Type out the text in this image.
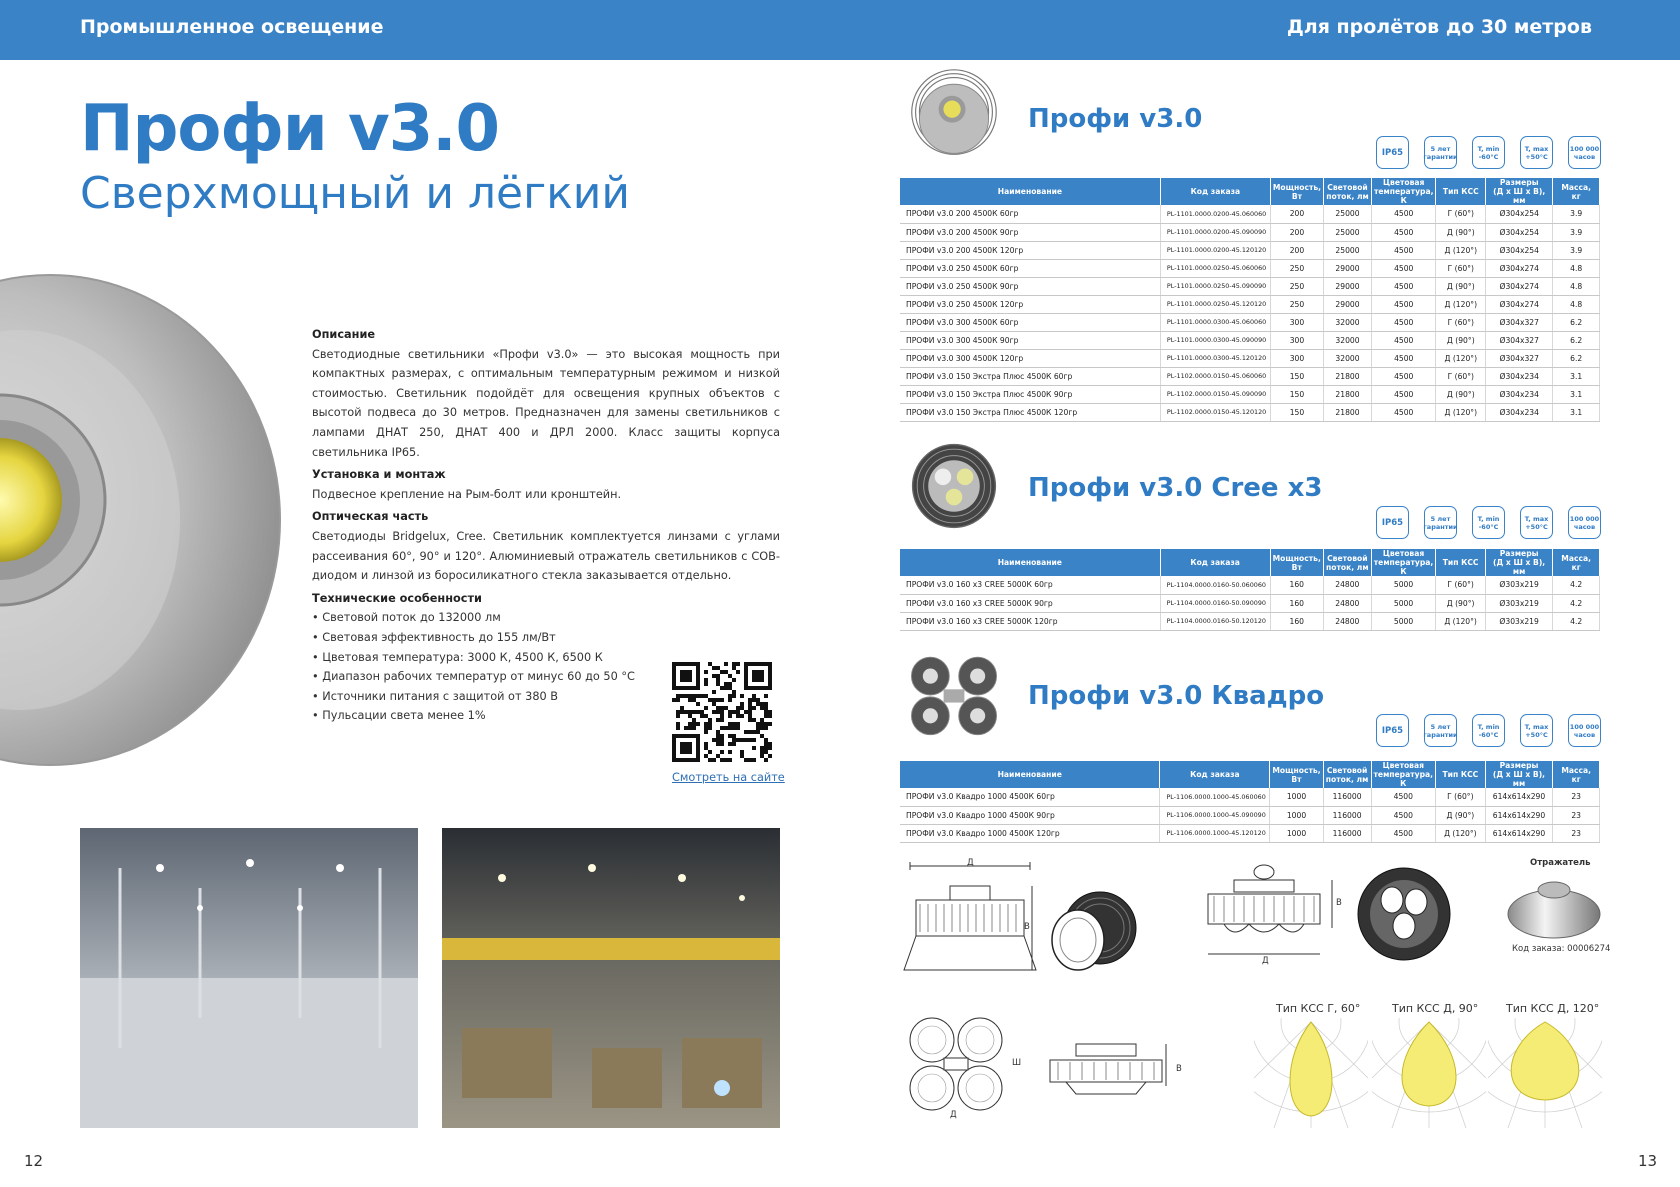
Промышленное освещение	Для пролётов до 30 метров
Профи v3.0
Сверхмощный и лёгкий
Описание

Светодиодные светильники «Профи v3.0» — это высокая мощность при компактных размерах, с оптимальным температурным режимом и низкой стоимостью. Светильник подойдёт для освещения крупных объектов с высотой подвеса до 30 метров. Предназначен для замены светильников с лампами ДНАТ 250, ДНАТ 400 и ДРЛ 2000. Класс защиты корпуса светильника IP65.

Установка и монтаж

Подвесное крепление на Рым-болт или кронштейн.

Оптическая часть

Светодиоды Bridgelux, Cree. Светильник комплектуется линзами с углами рассеивания 60°, 90° и 120°. Алюминиевый отражатель светильников с COB-диодом и линзой из боросиликатного стекла заказывается отдельно.

Технические особенности
• Световой поток до 132000 лм
• Световая эффективность до 155 лм/Вт
• Цветовая температура: 3000 К, 4500 К, 6500 К
• Диапазон рабочих температур от минус 60 до 50 °С
• Источники питания с защитой от 380 В
• Пульсации света менее 1%
Смотреть на сайте
12	13
Профи v3.0
IP65	5 лет
гарантии
T, min
-60°C
T, max
+50°C
100 000
часов
Наименование	Код заказа	Мощность,
Вт	Световой
поток, лм	Цветовая
температура, К	Тип КСС	Размеры
(Д х Ш х В), мм	Масса,
кг
ПРОФИ v3.0 200 4500К 60гр	PL-1101.0000.0200-45.060060	200	25000	4500	Г (60°)	Ø304x254	3.9
ПРОФИ v3.0 200 4500К 90гр	PL-1101.0000.0200-45.090090	200	25000	4500	Д (90°)	Ø304x254	3.9
ПРОФИ v3.0 200 4500К 120гр	PL-1101.0000.0200-45.120120	200	25000	4500	Д (120°)	Ø304x254	3.9
ПРОФИ v3.0 250 4500К 60гр	PL-1101.0000.0250-45.060060	250	29000	4500	Г (60°)	Ø304x274	4.8
ПРОФИ v3.0 250 4500К 90гр	PL-1101.0000.0250-45.090090	250	29000	4500	Д (90°)	Ø304x274	4.8
ПРОФИ v3.0 250 4500К 120гр	PL-1101.0000.0250-45.120120	250	29000	4500	Д (120°)	Ø304x274	4.8
ПРОФИ v3.0 300 4500К 60гр	PL-1101.0000.0300-45.060060	300	32000	4500	Г (60°)	Ø304x327	6.2
ПРОФИ v3.0 300 4500К 90гр	PL-1101.0000.0300-45.090090	300	32000	4500	Д (90°)	Ø304x327	6.2
ПРОФИ v3.0 300 4500К 120гр	PL-1101.0000.0300-45.120120	300	32000	4500	Д (120°)	Ø304x327	6.2
ПРОФИ v3.0 150 Экстра Плюс 4500К 60гр	PL-1102.0000.0150-45.060060	150	21800	4500	Г (60°)	Ø304x234	3.1
ПРОФИ v3.0 150 Экстра Плюс 4500К 90гр	PL-1102.0000.0150-45.090090	150	21800	4500	Д (90°)	Ø304x234	3.1
ПРОФИ v3.0 150 Экстра Плюс 4500К 120гр	PL-1102.0000.0150-45.120120	150	21800	4500	Д (120°)	Ø304x234	3.1
Профи v3.0 Cree x3
IP65	5 лет
гарантии
T, min
-60°C
T, max
+50°C
100 000
часов
Наименование	Код заказа	Мощность,
Вт	Световой
поток, лм	Цветовая
температура, К	Тип КСС	Размеры
(Д х Ш х В), мм	Масса,
кг
ПРОФИ v3.0 160 x3 CREE 5000К 60гр	PL-1104.0000.0160-50.060060	160	24800	5000	Г (60°)	Ø303x219	4.2
ПРОФИ v3.0 160 x3 CREE 5000К 90гр	PL-1104.0000.0160-50.090090	160	24800	5000	Д (90°)	Ø303x219	4.2
ПРОФИ v3.0 160 x3 CREE 5000К 120гр	PL-1104.0000.0160-50.120120	160	24800	5000	Д (120°)	Ø303x219	4.2
Профи v3.0 Квадро
IP65	5 лет
гарантии
T, min
-60°C
T, max
+50°C
100 000
часов
Наименование	Код заказа	Мощность,
Вт	Световой
поток, лм	Цветовая
температура, К	Тип КСС	Размеры
(Д х Ш х В), мм	Масса,
кг
ПРОФИ v3.0 Квадро 1000 4500К 60гр	PL-1106.0000.1000-45.060060	1000	116000	4500	Г (60°)	614x614x290	23
ПРОФИ v3.0 Квадро 1000 4500К 90гр	PL-1106.0000.1000-45.090090	1000	116000	4500	Д (90°)	614x614x290	23
ПРОФИ v3.0 Квадро 1000 4500К 120гр	PL-1106.0000.1000-45.120120	1000	116000	4500	Д (120°)	614x614x290	23
Д
В
Д
В
Отражатель
Код заказа: 00006274
Д
Ш
В
Тип КСС Г, 60°	Тип КСС Д, 90°	Тип КСС Д, 120°
